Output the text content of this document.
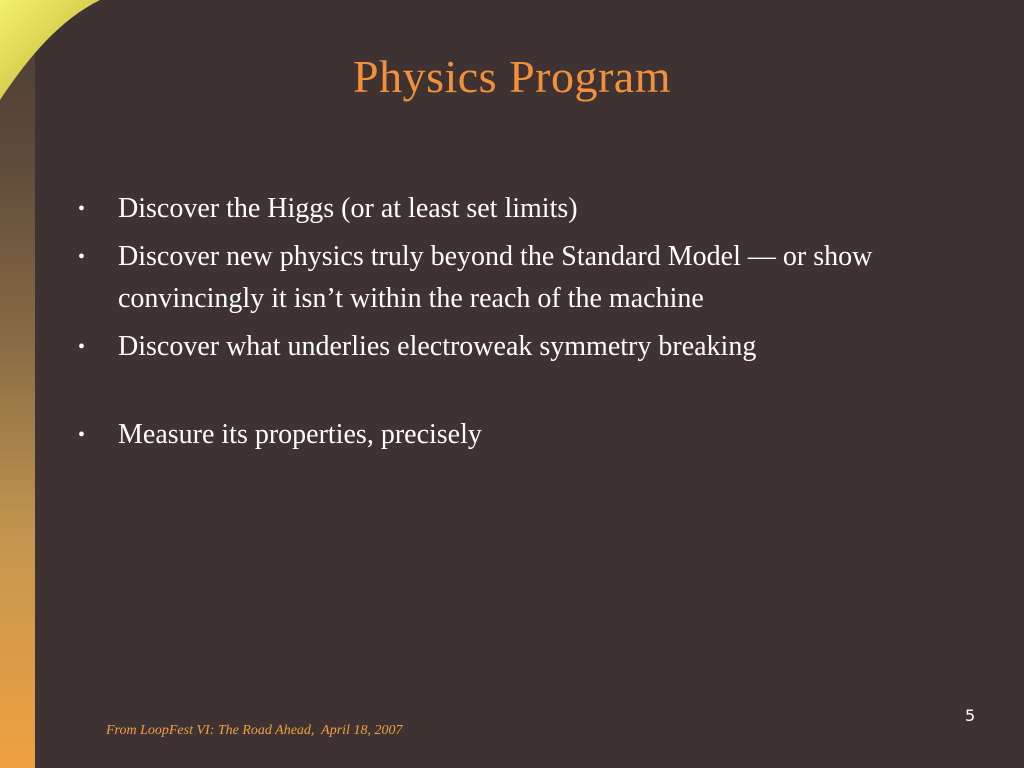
Physics Program
• Discover the Higgs (or at least set limits)
• Discover new physics truly beyond the Standard Model — or show convincingly it isn’t within the reach of the machine
• Discover what underlies electroweak symmetry breaking
• Measure its properties, precisely
From LoopFest VI: The Road Ahead,  April 18, 2007
5
